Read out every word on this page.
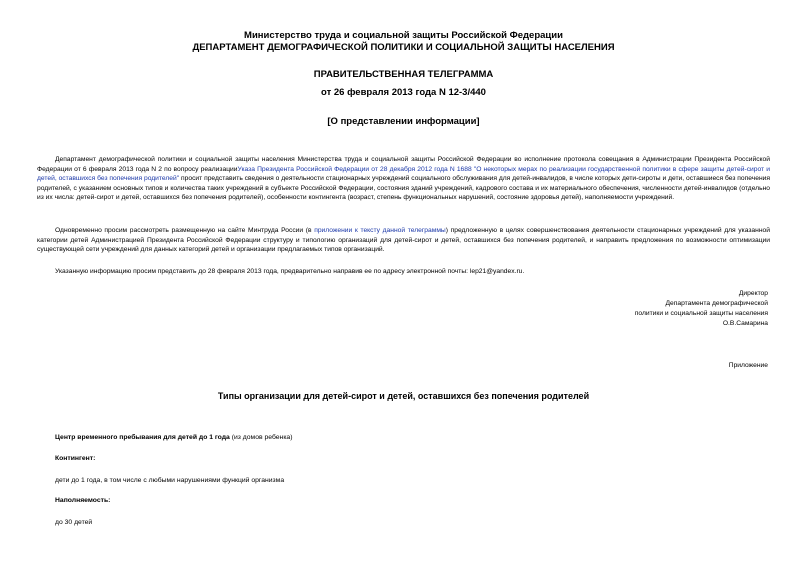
Министерство труда и социальной защиты Российской Федерации
ДЕПАРТАМЕНТ ДЕМОГРАФИЧЕСКОЙ ПОЛИТИКИ И СОЦИАЛЬНОЙ ЗАЩИТЫ НАСЕЛЕНИЯ
ПРАВИТЕЛЬСТВЕННАЯ ТЕЛЕГРАММА
от 26 февраля 2013 года N 12-3/440
[О представлении информации]
Департамент демографической политики и социальной защиты населения Министерства труда и социальной защиты Российской Федерации во исполнение протокола совещания в Администрации Президента Российской Федерации от 6 февраля 2013 года N 2 по вопросу реализацииУказа Президента Российской Федерации от 28 декабря 2012 года N 1688 "О некоторых мерах по реализации государственной политики в сфере защиты детей-сирот и детей, оставшихся без попечения родителей" просит представить сведения о деятельности стационарных учреждений социального обслуживания для детей-инвалидов, в числе которых дети-сироты и дети, оставшиеся без попечения родителей, с указанием основных типов и количества таких учреждений в субъекте Российской Федерации, состояния зданий учреждений, кадрового состава и их материального обеспечения, численности детей-инвалидов (отдельно из их числа: детей-сирот и детей, оставшихся без попечения родителей), особенности контингента (возраст, степень функциональных нарушений, состояние здоровья детей), наполняемости учреждений.
Одновременно просим рассмотреть размещенную на сайте Минтруда России (в приложении к тексту данной телеграммы) предложенную в целях совершенствования деятельности стационарных учреждений для указанной категории детей Администрацией Президента Российской Федерации структуру и типологию организаций для детей-сирот и детей, оставшихся без попечения родителей, и направить предложения по возможности оптимизации существующей сети учреждений для данных категорий детей и организации предлагаемых типов организаций.
Указанную информацию просим представить до 28 февраля 2013 года, предварительно направив ее по адресу электронной почты: lep21@yandex.ru.
Директор
Департамента демографической
политики и социальной защиты населения
О.В.Самарина
Приложение
Типы организации для детей-сирот и детей, оставшихся без попечения родителей
Центр временного пребывания для детей до 1 года (из домов ребенка)
Контингент:
дети до 1 года, в том числе с любыми нарушениями функций организма
Наполняемость:
до 30 детей
